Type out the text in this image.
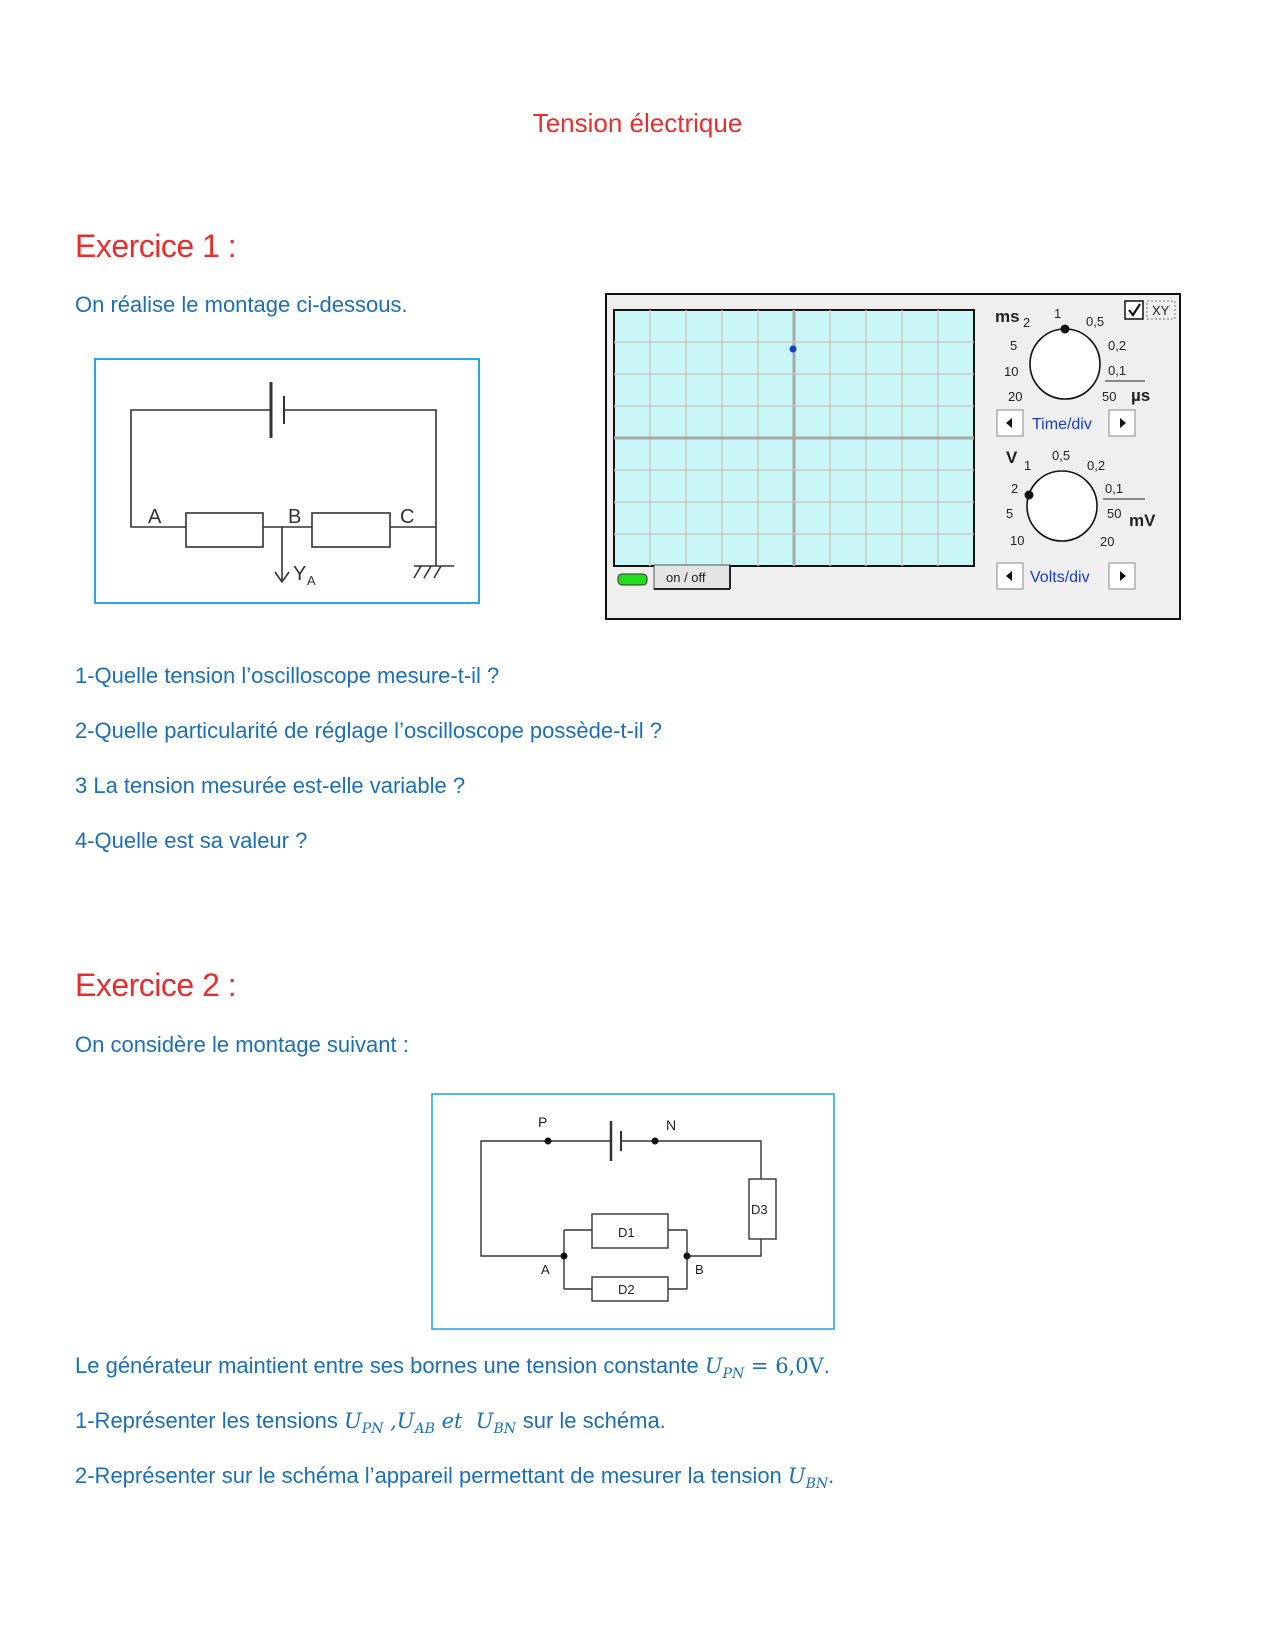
Tension électrique
Exercice 1 :
On réalise le montage ci-dessous.
A	B	C
Y A
ms 2
1
0,5
0,2
0,1
50 µs
20
10
5
XY
Time/div
V 1
0,5
0,2
0,1
50 mV
20
10
5
2
Volts/div
on / off
1-Quelle tension l’oscilloscope mesure-t-il ?
2-Quelle particularité de réglage l’oscilloscope possède-t-il ?
3 La tension mesurée est-elle variable ?
4-Quelle est sa valeur ?
Exercice 2 :
On considère le montage suivant :
P	N
D3
D1
D2
A	B
Le générateur maintient entre ses bornes une tension constante $U_{PN} = 6,0V$.
1-Représenter les tensions $U_{PN}$ $,U_{AB}$ et  $U_{BN}$ sur le schéma.
2-Représenter sur le schéma l’appareil permettant de mesurer la tension $U_{BN}$.
